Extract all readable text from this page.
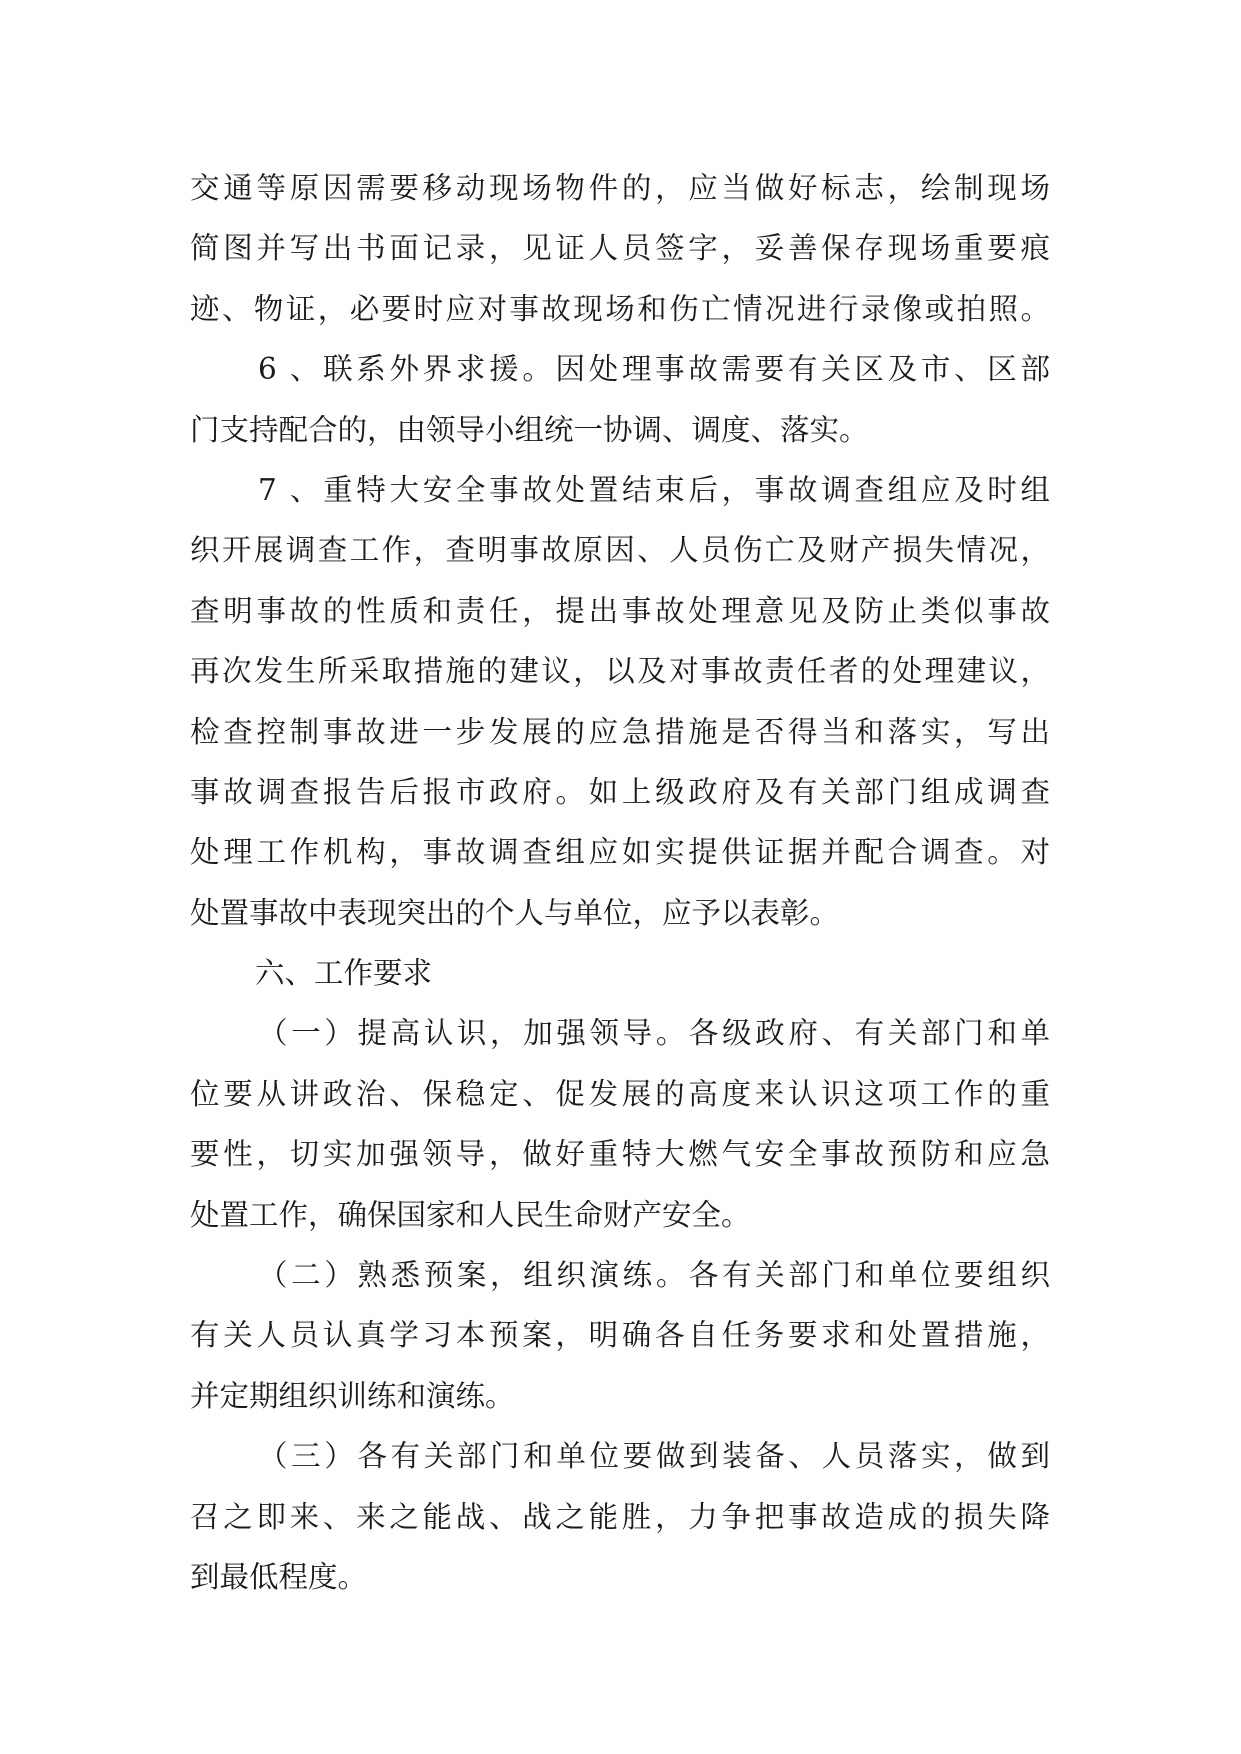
交通等原因需要移动现场物件的，应当做好标志，绘制现场
简图并写出书面记录，见证人员签字，妥善保存现场重要痕
迹、物证，必要时应对事故现场和伤亡情况进行录像或拍照。
6 、联系外界求援。因处理事故需要有关区及市、区部
门支持配合的，由领导小组统一协调、调度、落实。
7 、重特大安全事故处置结束后，事故调查组应及时组
织开展调查工作，查明事故原因、人员伤亡及财产损失情况，
查明事故的性质和责任，提出事故处理意见及防止类似事故
再次发生所采取措施的建议，以及对事故责任者的处理建议，
检查控制事故进一步发展的应急措施是否得当和落实，写出
事故调查报告后报市政府。如上级政府及有关部门组成调查
处理工作机构，事故调查组应如实提供证据并配合调查。对
处置事故中表现突出的个人与单位，应予以表彰。
六、工作要求
（一）提高认识，加强领导。各级政府、有关部门和单
位要从讲政治、保稳定、促发展的高度来认识这项工作的重
要性，切实加强领导，做好重特大燃气安全事故预防和应急
处置工作，确保国家和人民生命财产安全。
（二）熟悉预案，组织演练。各有关部门和单位要组织
有关人员认真学习本预案，明确各自任务要求和处置措施，
并定期组织训练和演练。
（三）各有关部门和单位要做到装备、人员落实，做到
召之即来、来之能战、战之能胜，力争把事故造成的损失降
到最低程度。
